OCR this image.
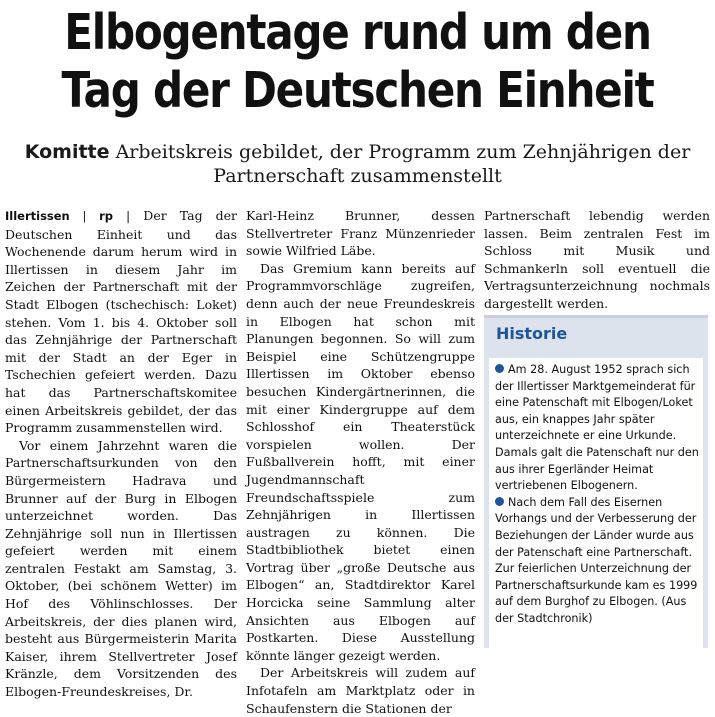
Elbogentage rund um den
Tag der Deutschen Einheit
Komitte Arbeitskreis gebildet, der Programm zum Zehnjährigen der Partnerschaft zusammenstellt

Illertissen | rp | Der Tag der Deutschen Einheit und das Wochenende darum herum wird in Illertissen in diesem Jahr im Zeichen der Partnerschaft mit der Stadt Elbogen (tschechisch: Loket) stehen. Vom 1. bis 4. Oktober soll das Zehnjährige der Partnerschaft mit der Stadt an der Eger in Tschechien gefeiert werden. Dazu hat das Partnerschaftskomitee einen Arbeitskreis gebildet, der das Programm zusammenstellen wird.

Vor einem Jahrzehnt waren die Partnerschaftsurkunden von den Bürgermeistern Hadrava und Brunner auf der Burg in Elbogen unterzeichnet worden. Das Zehnjährige soll nun in Illertissen gefeiert werden mit einem zentralen Festakt am Samstag, 3. Oktober, (bei schönem Wetter) im Hof des Vöhlinschlosses. Der Arbeitskreis, der dies planen wird, besteht aus Bürgermeisterin Marita Kaiser, ihrem Stellvertreter Josef Kränzle, dem Vorsitzenden des Elbogen-Freundeskreises, Dr.

Karl-Heinz Brunner, dessen Stellvertreter Franz Münzenrieder sowie Wilfried Läbe.

Das Gremium kann bereits auf Programmvorschläge zugreifen, denn auch der neue Freundeskreis in Elbogen hat schon mit Planungen begonnen. So will zum Beispiel eine Schützengruppe Illertissen im Oktober ebenso besuchen Kindergärtnerinnen, die mit einer Kindergruppe auf dem Schlosshof ein Theaterstück vorspielen wollen. Der Fußballverein hofft, mit einer Jugendmannschaft Freundschaftsspiele zum Zehnjährigen in Illertissen austragen zu können. Die Stadtbibliothek bietet einen Vortrag über „große Deutsche aus Elbogen“ an, Stadtdirektor Karel Horcicka seine Sammlung alter Ansichten aus Elbogen auf Postkarten. Diese Ausstellung könnte länger gezeigt werden.

Der Arbeitskreis will zudem auf Infotafeln am Marktplatz oder in Schaufenstern die Stationen der

Partnerschaft lebendig werden lassen. Beim zentralen Fest im Schloss mit Musik und Schmankerln soll eventuell die Vertragsunterzeichnung nochmals dargestellt werden.

Historie

Am 28. August 1952 sprach sich der Illertisser Marktgemeinderat für eine Patenschaft mit Elbogen/Loket aus, ein knappes Jahr später unterzeichnete er eine Urkunde. Damals galt die Patenschaft nur den aus ihrer Egerländer Heimat vertriebenen Elbogenern.

Nach dem Fall des Eisernen Vorhangs und der Verbesserung der Beziehungen der Länder wurde aus der Patenschaft eine Partnerschaft. Zur feierlichen Unterzeichnung der Partnerschaftsurkunde kam es 1999 auf dem Burghof zu Elbogen. (Aus der Stadtchronik)
